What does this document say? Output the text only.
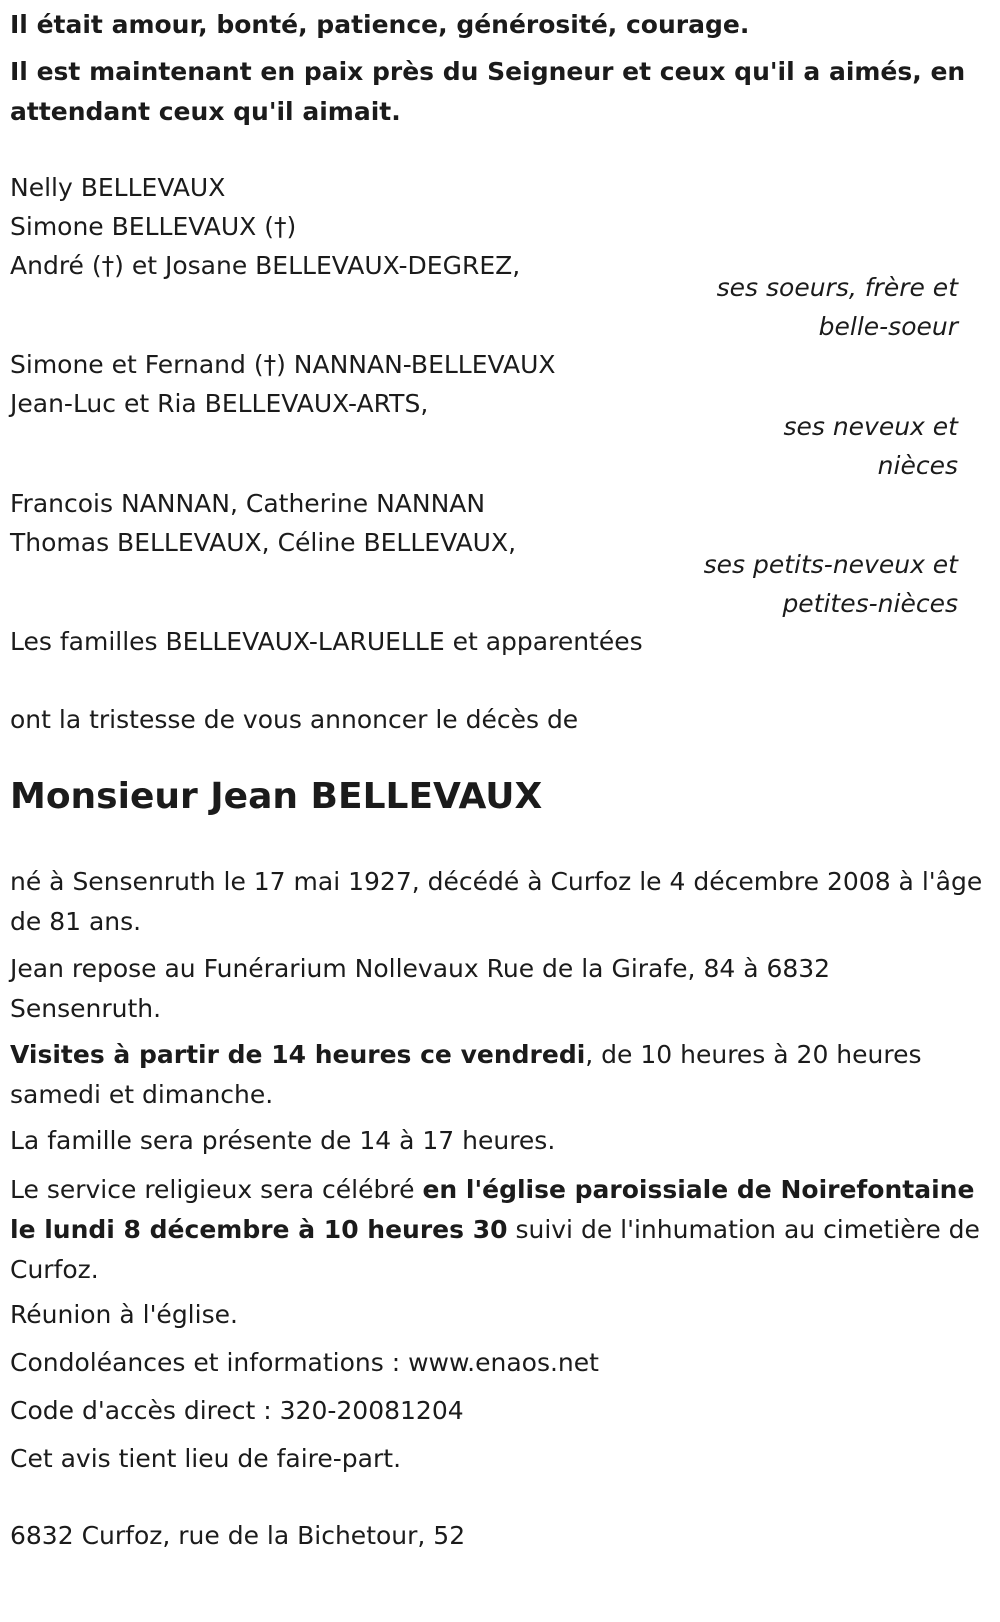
Il était amour, bonté, patience, générosité, courage.
Il est maintenant en paix près du Seigneur et ceux qu'il a aimés, en attendant ceux qu'il aimait.
Nelly BELLEVAUX
Simone BELLEVAUX (†)
André (†) et Josane BELLEVAUX-DEGREZ,
ses soeurs, frère et
belle-soeur
Simone et Fernand (†) NANNAN-BELLEVAUX
Jean-Luc et Ria BELLEVAUX-ARTS,
ses neveux et
nièces
Francois NANNAN, Catherine NANNAN
Thomas BELLEVAUX, Céline BELLEVAUX,
ses petits-neveux et
petites-nièces
Les familles BELLEVAUX-LARUELLE et apparentées
ont la tristesse de vous annoncer le décès de
Monsieur Jean BELLEVAUX
né à Sensenruth le 17 mai 1927, décédé à Curfoz le 4 décembre 2008 à l'âge de 81 ans.
Jean repose au Funérarium Nollevaux Rue de la Girafe, 84 à 6832 Sensenruth.
Visites à partir de 14 heures ce vendredi, de 10 heures à 20 heures samedi et dimanche.
La famille sera présente de 14 à 17 heures.
Le service religieux sera célébré en l'église paroissiale de Noirefontaine le lundi 8 décembre à 10 heures 30 suivi de l'inhumation au cimetière de Curfoz.
Réunion à l'église.
Condoléances et informations : www.enaos.net
Code d'accès direct : 320-20081204
Cet avis tient lieu de faire-part.
6832 Curfoz, rue de la Bichetour, 52
